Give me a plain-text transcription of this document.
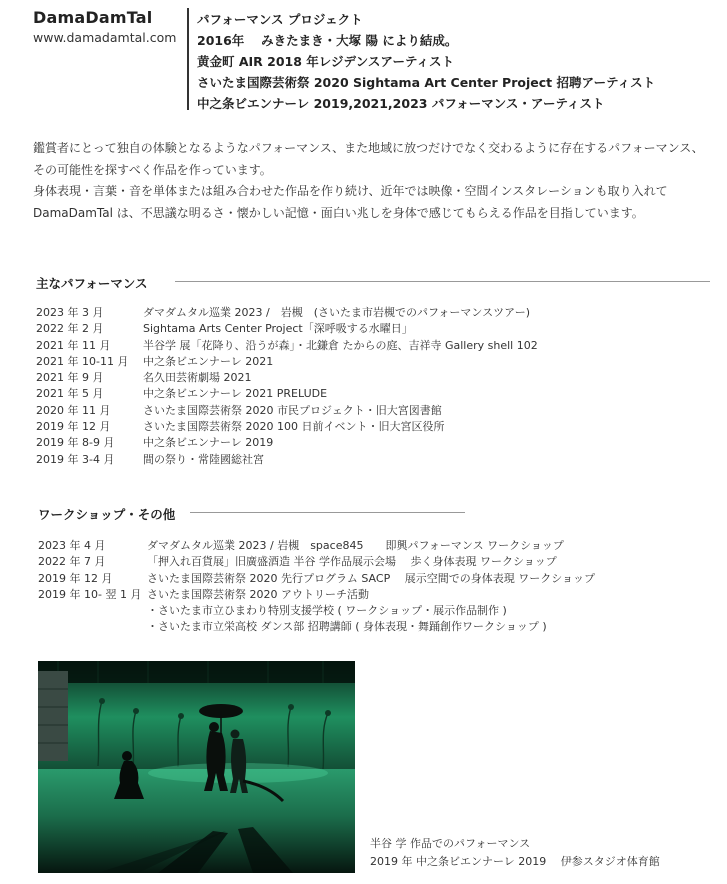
DamaDamTal
www.damadamtal.com
パフォーマンス プロジェクト
2016年　 みきたまき・大塚 陽 により結成。
黄金町 AIR 2018 年レジデンスアーティスト
さいたま国際芸術祭 2020 Sightama Art Center Project 招聘アーティスト
中之条ビエンナーレ 2019,2021,2023 パフォーマンス・アーティスト
鑑賞者にとって独自の体験となるようなパフォーマンス、また地域に放つだけでなく交わるように存在するパフォーマンス、
その可能性を探すべく作品を作っています。
身体表現・言葉・音を単体または組み合わせた作品を作り続け、近年では映像・空間インスタレーションも取り入れて
DamaDamTal は、不思議な明るさ・懐かしい記憶・面白い兆しを身体で感じてもらえる作品を目指しています。
主なパフォーマンス
2023 年 3 月	ダマダムタル巡業 2023 /　岩槻　(さいたま市岩槻でのパフォーマンスツアー)
2022 年 2 月	Sightama Arts Center Project「深呼吸する水曜日」
2021 年 11 月	半谷学 展「花降り、沿うが森」・北鎌倉 たからの庭、吉祥寺 Gallery shell 102
2021 年 10-11 月	中之条ビエンナーレ 2021
2021 年 9 月	名久田芸術劇場 2021
2021 年 5 月	中之条ビエンナーレ 2021 PRELUDE
2020 年 11 月	さいたま国際芸術祭 2020 市民プロジェクト・旧大宮図書館
2019 年 12 月	さいたま国際芸術祭 2020 100 日前イベント・旧大宮区役所
2019 年 8-9 月	中之条ビエンナーレ 2019
2019 年 3-4 月	間の祭り・常陸國総社宮
ワークショップ・その他
2023 年 4 月	ダマダムタル巡業 2023 / 岩槻　space845　　即興パフォーマンス ワークショップ
2022 年 7 月	「押入れ百貨展」旧廣盛酒造 半谷 学作品展示会場　 歩く身体表現 ワークショップ
2019 年 12 月	さいたま国際芸術祭 2020 先行プログラム SACP　 展示空間での身体表現 ワークショップ
2019 年 10- 翌 1 月 さいたま国際芸術祭 2020 アウトリーチ活動
・さいたま市立ひまわり特別支援学校 ( ワークショップ・展示作品制作 )
・さいたま市立栄高校 ダンス部 招聘講師 ( 身体表現・舞踊創作ワークショップ )
半谷 学 作品でのパフォーマンス
2019 年 中之条ビエンナーレ 2019　 伊参スタジオ体育館
